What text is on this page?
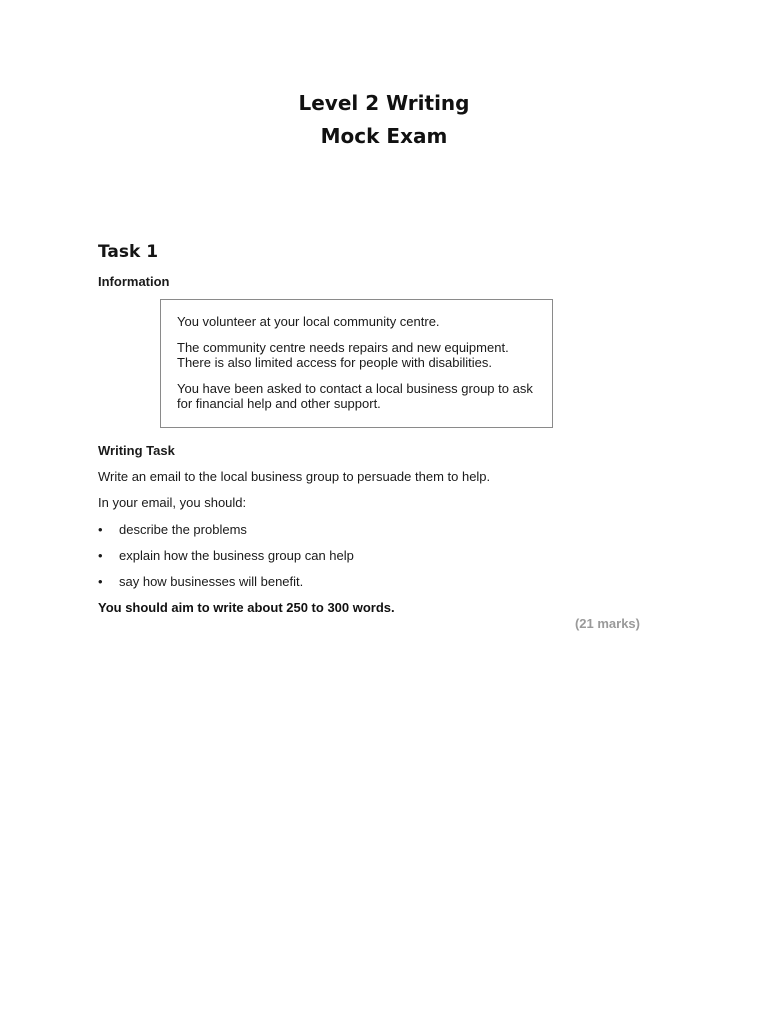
Level 2 Writing
Mock Exam
Task 1
Information

You volunteer at your local community centre.

The community centre needs repairs and new equipment.
There is also limited access for people with disabilities.

You have been asked to contact a local business group to ask
for financial help and other support.

Writing Task
Write an email to the local business group to persuade them to help.
In your email, you should:
•	describe the problems
•	explain how the business group can help
•	say how businesses will benefit.
You should aim to write about 250 to 300 words.
(21 marks)
